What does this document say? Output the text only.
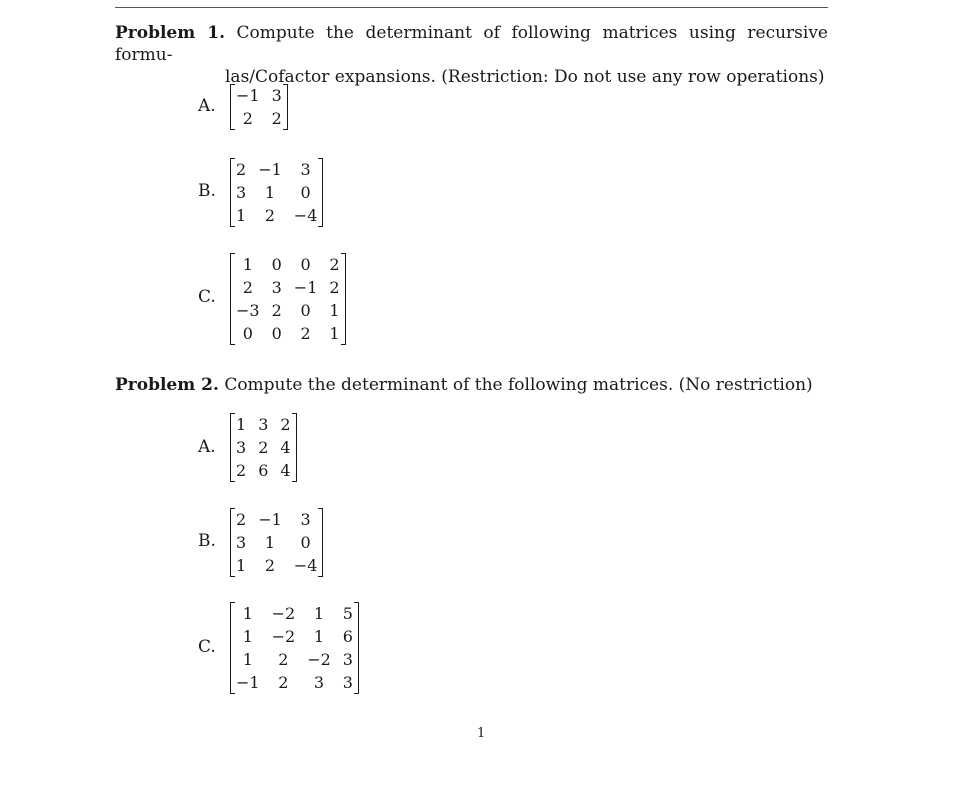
Problem 1. Compute the determinant of following matrices using recursive formu-
las/Cofactor expansions. (Restriction: Do not use any row operations)
A.
−1	3
2	2
B.
2	−1	3
3	1	0
1	2	−4
C.
1	0	0	2
2	3	−1	2
−3	2	0	1
0	0	2	1
Problem 2. Compute the determinant of the following matrices. (No restriction)
A.
1	3	2
3	2	4
2	6	4
B.
2	−1	3
3	1	0
1	2	−4
C.
1	−2	1	5
1	−2	1	6
1	2	−2	3
−1	2	3	3
1
